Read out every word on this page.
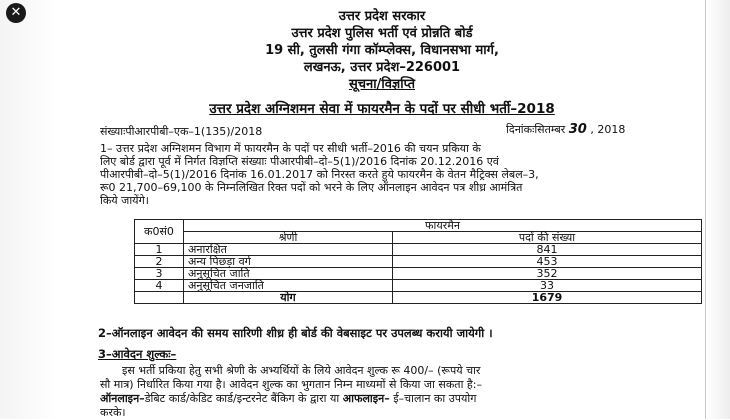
✕	उत्तर प्रदेश सरकार
उत्तर प्रदेश पुलिस भर्ती एवं प्रोन्नति बोर्ड
19 सी, तुलसी गंगा कॉम्प्लेक्स, विधानसभा मार्ग,
लखनऊ, उत्तर प्रदेश–226001
सूचना/विज्ञप्ति
उत्तर प्रदेश अग्निशमन सेवा में फायरमैन के पदों पर सीधी भर्ती–2018
संख्याःपीआरपीबी–एक–1(135)/2018	दिनांकःसितम्बर 30 , 2018
1– उत्तर प्रदेश अग्निशमन विभाग में फायरमैन के पदों पर सीधी भर्ती–2016 की चयन प्रकिया के
लिए बोर्ड द्वारा पूर्व में निर्गत विज्ञप्ति संख्याः पीआरपीबी–दो–5(1)/2016 दिनांक 20.12.2016 एवं
पीआरपीबी–दो–5(1)/2016 दिनांक 16.01.2017 को निरस्त करते हुये फायरमैन के वेतन मैट्रिक्स लेबल–3,
रू0 21,700–69,100 के निम्नलिखित रिक्त पदों को भरने के लिए ऑनलाइन आवेदन पत्र शीध्र आमंत्रित
किये जायेंगे।
क0सं0	फायरमैन	
	श्रेणी	पदों की संख्या
1	अनारक्षित	841
2	अन्य पिछड़ा वर्ग	453
3	अनुसूचित जाति	352
4	अनुसूचित जनजाति	33
	योग	1679
2–ऑनलाइन आवेदन की समय सारिणी शीध्र ही बोर्ड की वेबसाइट पर उपलब्ध करायी जायेगी ।
3–आवेदन शुल्कः–
इस भर्ती प्रकिया हेतु सभी श्रेणी के अभ्यर्थियों के लिये आवेदन शुल्क रू 400/– (रूपये चार
सौ मात्र) निर्धारित किया गया है। आवेदन शुल्क का भुगतान निम्न माध्यमों से किया जा सकता है:–
ऑनलाइन–डेबिट कार्ड/केडिट कार्ड/इन्टरनेट बैंकिग के द्वारा या आफलाइन– ई–चालान का उपयोग
करके।
